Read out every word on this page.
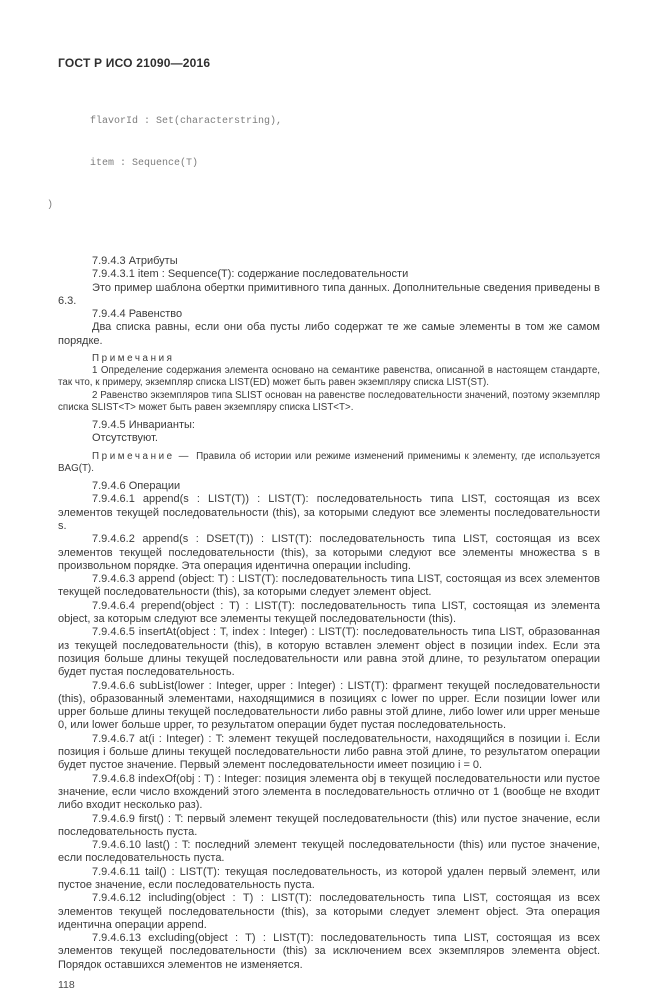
ГОСТ Р ИСО 21090—2016

flavorId : Set(characterstring),

item : Sequence(T)

)

7.9.4.3 Атрибуты

7.9.4.3.1 item : Sequence(T): содержание последовательности

Это пример шаблона обертки примитивного типа данных. Дополнительные сведения приведены в 6.3.

7.9.4.4 Равенство

Два списка равны, если они оба пусты либо содержат те же самые элементы в том же самом порядке.

Примечания

1 Определение содержания элемента основано на семантике равенства, описанной в настоящем стандарте, так что, к примеру, экземпляр списка LIST(ED) может быть равен экземпляру списка LIST(ST).

2 Равенство экземпляров типа SLIST основан на равенстве последовательности значений, поэтому экземпляр списка SLIST<T> может быть равен экземпляру списка LIST<T>.

7.9.4.5 Инварианты:

Отсутствуют.

Примечание —  Правила об истории или режиме изменений применимы к элементу, где используется BAG(T).

7.9.4.6 Операции

7.9.4.6.1 append(s : LIST(T)) : LIST(T): последовательность типа LIST, состоящая из всех элементов текущей последовательности (this), за которыми следуют все элементы последовательности s.

7.9.4.6.2 append(s : DSET(T)) : LIST(T): последовательность типа LIST, состоящая из всех элементов текущей последовательности (this), за которыми следуют все элементы множества s в произвольном порядке. Эта операция идентична операции including.

7.9.4.6.3 append (object: T) : LIST(T): последовательность типа LIST, состоящая из всех элементов текущей последовательности (this), за которыми следует элемент object.

7.9.4.6.4 prepend(object : T) : LIST(T): последовательность типа LIST, состоящая из элемента object, за которым следуют все элементы текущей последовательности (this).

7.9.4.6.5 insertAt(object : T, index : Integer) : LIST(T): последовательность типа LIST, образованная из текущей последовательности (this), в которую вставлен элемент object в позиции index. Если эта позиция больше длины текущей последовательности или равна этой длине, то результатом операции будет пустая последовательность.

7.9.4.6.6 subList(lower : Integer, upper : Integer) : LIST(T): фрагмент текущей последовательности (this), образованный элементами, находящимися в позициях с lower по upper. Если позиции lower или upper больше длины текущей последовательности либо равны этой длине, либо lower или upper меньше 0, или lower больше upper, то результатом операции будет пустая последовательность.

7.9.4.6.7 at(i : Integer) : T: элемент текущей последовательности, находящийся в позиции i. Если позиция i больше длины текущей последовательности либо равна этой длине, то результатом операции будет пустое значение. Первый элемент последовательности имеет позицию i = 0.

7.9.4.6.8 indexOf(obj : T) : Integer: позиция элемента obj в текущей последовательности или пустое значение, если число вхождений этого элемента в последовательность отлично от 1 (вообще не входит либо входит несколько раз).

7.9.4.6.9 first() : T: первый элемент текущей последовательности (this) или пустое значение, если последовательность пуста.

7.9.4.6.10 last() : T: последний элемент текущей последовательности (this) или пустое значение, если последовательность пуста.

7.9.4.6.11 tail() : LIST(T): текущая последовательность, из которой удален первый элемент, или пустое значение, если последовательность пуста.

7.9.4.6.12 including(object : T) : LIST(T): последовательность типа LIST, состоящая из всех элементов текущей последовательности (this), за которыми следует элемент object. Эта операция идентична операции append.

7.9.4.6.13 excluding(object : T) : LIST(T): последовательность типа LIST, состоящая из всех элементов текущей последовательности (this) за исключением всех экземпляров элемента object. Порядок оставшихся элементов не изменяется.

118
